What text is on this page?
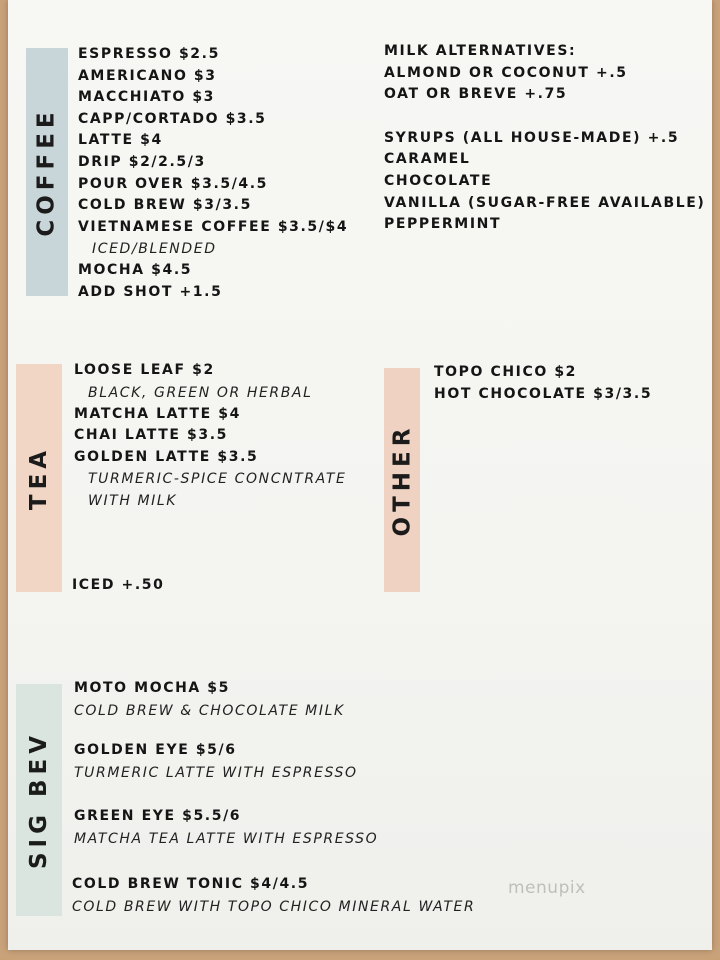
COFFEE
TEA	OTHER
SIG BEV
ESPRESSO $2.5
AMERICANO $3
MACCHIATO $3
CAPP/CORTADO $3.5
LATTE $4
DRIP $2/2.5/3
POUR OVER $3.5/4.5
COLD BREW $3/3.5
VIETNAMESE COFFEE $3.5/$4
ICED/BLENDED
MOCHA $4.5
ADD SHOT +1.5
MILK ALTERNATIVES:
ALMOND OR COCONUT +.5
OAT OR BREVE +.75
SYRUPS (ALL HOUSE-MADE) +.5
CARAMEL
CHOCOLATE
VANILLA (SUGAR-FREE AVAILABLE)
PEPPERMINT
LOOSE LEAF $2
BLACK, GREEN OR HERBAL
MATCHA LATTE $4
CHAI LATTE $3.5
GOLDEN LATTE $3.5
TURMERIC-SPICE CONCNTRATE
WITH MILK
ICED +.50
TOPO CHICO $2
HOT CHOCOLATE $3/3.5
MOTO MOCHA $5
COLD BREW & CHOCOLATE MILK
GOLDEN EYE $5/6
TURMERIC LATTE WITH ESPRESSO
GREEN EYE $5.5/6
MATCHA TEA LATTE WITH ESPRESSO
COLD BREW TONIC $4/4.5
COLD BREW WITH TOPO CHICO MINERAL WATER
menupix
